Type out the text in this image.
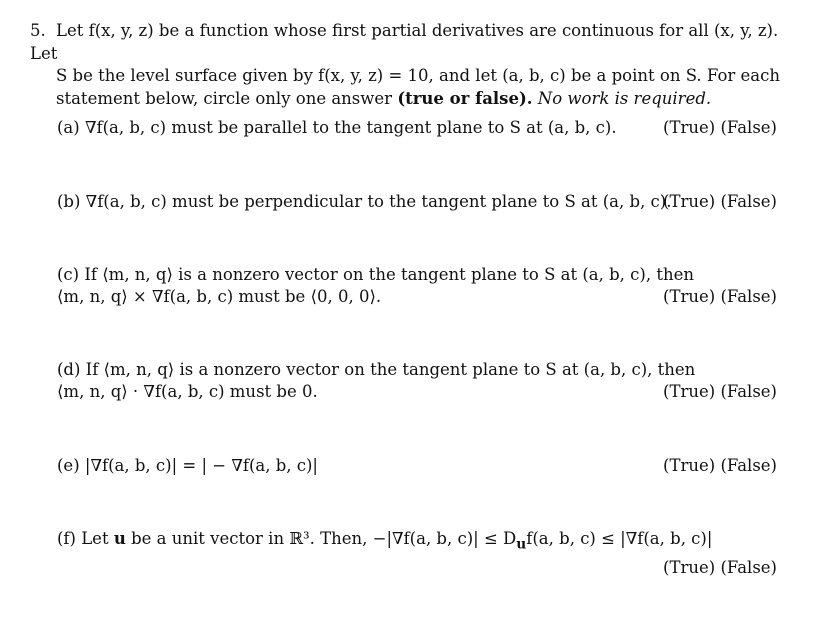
5. Let f(x, y, z) be a function whose first partial derivatives are continuous for all (x, y, z). Let
S be the level surface given by f(x, y, z) = 10, and let (a, b, c) be a point on S. For each
statement below, circle only one answer (true or false). No work is required.
(a) ∇f(a, b, c) must be parallel to the tangent plane to S at (a, b, c).	(True) (False)
(b) ∇f(a, b, c) must be perpendicular to the tangent plane to S at (a, b, c).
(True) (False)
(c) If ⟨m, n, q⟩ is a nonzero vector on the tangent plane to S at (a, b, c), then
⟨m, n, q⟩ × ∇f(a, b, c) must be ⟨0, 0, 0⟩.	(True) (False)
(d) If ⟨m, n, q⟩ is a nonzero vector on the tangent plane to S at (a, b, c), then
⟨m, n, q⟩ · ∇f(a, b, c) must be 0.	(True) (False)
(e) |∇f(a, b, c)| = | − ∇f(a, b, c)|	(True) (False)
(f) Let u be a unit vector in ℝ³. Then, −|∇f(a, b, $c)| \le D_uf(a$, b, c) ≤ |∇f(a, b, c)|
(True) (False)
